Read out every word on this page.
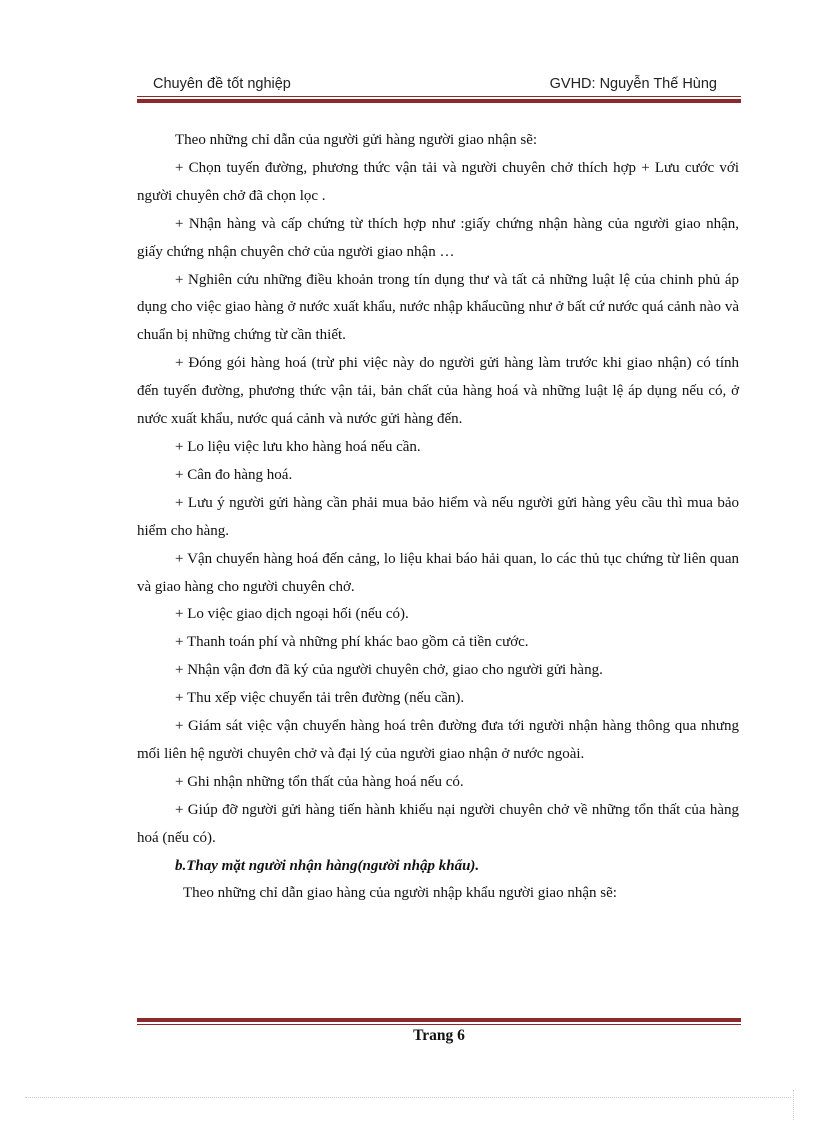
Chuyên đề tốt nghiệp	GVHD: Nguyễn Thế Hùng

Theo những chỉ dẫn của người gửi hàng người giao nhận sẽ:

+ Chọn tuyến đường, phương thức vận tải và người chuyên chở thích hợp + Lưu cước với người chuyên chở đã chọn lọc .

+ Nhận hàng và cấp chứng từ thích hợp như :giấy chứng nhận hàng của người giao nhận, giấy chứng nhận chuyên chở của người giao nhận …

+ Nghiên cứu những điều khoản trong tín dụng thư và tất cả những luật lệ của chinh phủ áp dụng cho việc giao hàng ở nước xuất khẩu, nước nhập khẩucũng như ở bất cứ nước quá cảnh nào và chuẩn bị những chứng từ cần thiết.

+ Đóng gói hàng hoá (trừ phi việc này do người gửi hàng làm trước khi giao nhận) có tính đến tuyến đường, phương thức vận tải, bản chất của hàng hoá và những luật lệ áp dụng nếu có, ở nước xuất khẩu, nước quá cảnh và nước gửi hàng đến.

+ Lo liệu việc lưu kho hàng hoá nếu cần.

+ Cân đo hàng hoá.

+ Lưu ý người gửi hàng cần phải mua bảo hiểm và nếu người gửi hàng yêu cầu thì mua bảo hiểm cho hàng.

+ Vận chuyển hàng hoá đến cảng, lo liệu khai báo hải quan, lo các thủ tục chứng từ liên quan và giao hàng cho người chuyên chở.

+ Lo việc giao dịch ngoại hối (nếu có).

+ Thanh toán phí và những phí khác bao gồm cả tiền cước.

+ Nhận vận đơn đã ký của người chuyên chở, giao cho người gửi hàng.

+ Thu xếp việc chuyển tải trên đường (nếu cần).

+ Giám sát việc vận chuyển hàng hoá trên đường đưa tới người nhận hàng thông qua nhưng mối liên hệ người chuyên chở và đại lý của người giao nhận ở nước ngoài.

+ Ghi nhận những tổn thất của hàng hoá nếu có.

+ Giúp đỡ người gửi hàng tiến hành khiếu nại người chuyên chở về những tổn thất của hàng hoá (nếu có).

b.Thay mặt người nhận hàng(người nhập khẩu).

Theo những chỉ dẫn giao hàng của người nhập khẩu người giao nhận sẽ:

Trang 6
